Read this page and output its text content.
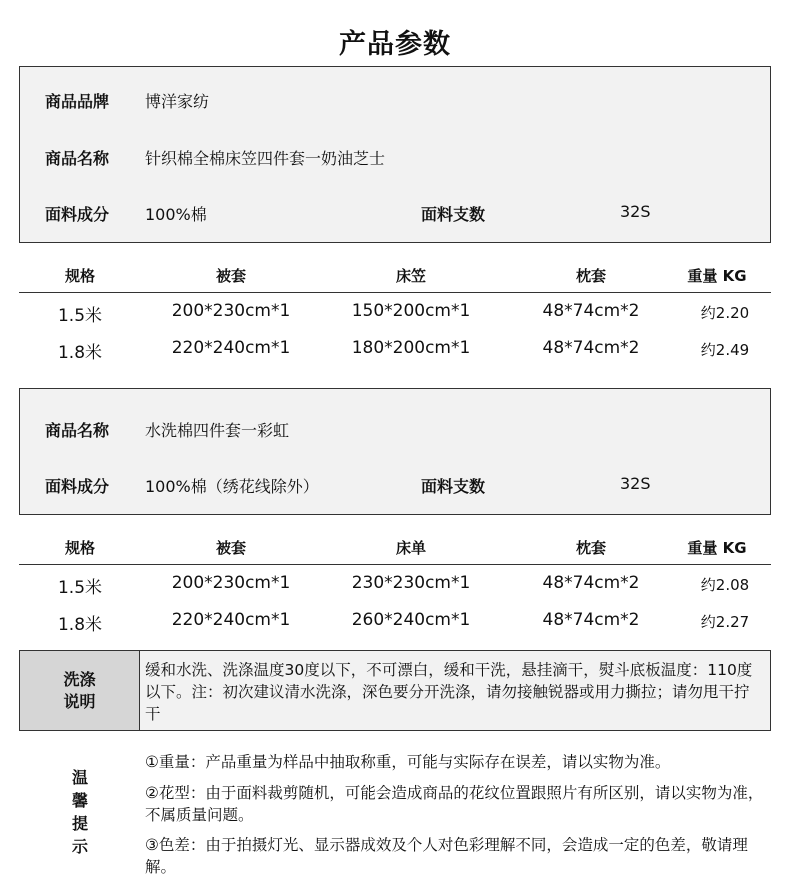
产品参数
商品品牌 博洋家纺
商品名称 针织棉全棉床笠四件套一奶油芝士
面料成分 100%棉	面料支数	32S
规格	被套	床笠	枕套	重量 KG
1.5米	200*230cm*1	150*200cm*1	48*74cm*2	约2.20
1.8米	220*240cm*1	180*200cm*1	48*74cm*2	约2.49
商品名称 水洗棉四件套一彩虹
面料成分 100%棉（绣花线除外）	面料支数	32S
规格	被套	床单	枕套	重量 KG
1.5米	200*230cm*1	230*230cm*1	48*74cm*2	约2.08
1.8米	220*240cm*1	260*240cm*1	48*74cm*2	约2.27
洗涤
说明
缓和水洗、洗涤温度30度以下，不可漂白，缓和干洗，悬挂滴干，熨斗底板温度：110度以下。注：初次建议清水洗涤，深色要分开洗涤，请勿接触锐器或用力撕拉；请勿甩干拧干
温
馨
提
示
①重量：产品重量为样品中抽取称重，可能与实际存在误差，请以实物为准。
②花型：由于面料裁剪随机，可能会造成商品的花纹位置跟照片有所区别，请以实物为准，不属质量问题。
③色差：由于拍摄灯光、显示器成效及个人对色彩理解不同，会造成一定的色差，敬请理解。
